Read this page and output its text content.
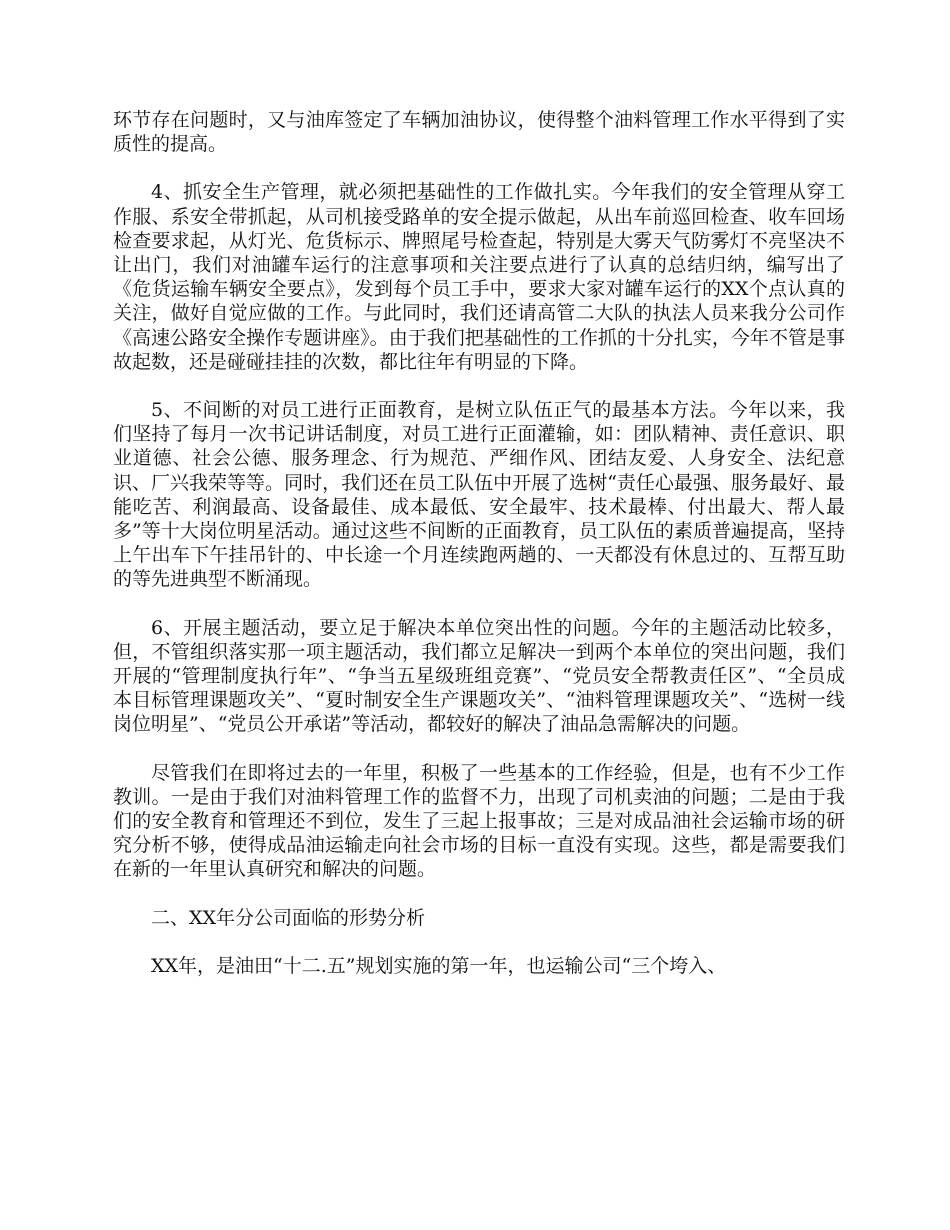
环节存在问题时，又与油库签定了车辆加油协议，使得整个油料管理工作水平得到了实质性的提高。

4、抓安全生产管理，就必须把基础性的工作做扎实。今年我们的安全管理从穿工作服、系安全带抓起，从司机接受路单的安全提示做起，从出车前巡回检查、收车回场检查要求起，从灯光、危货标示、牌照尾号检查起，特别是大雾天气防雾灯不亮坚决不让出门，我们对油罐车运行的注意事项和关注要点进行了认真的总结归纳，编写出了《危货运输车辆安全要点》，发到每个员工手中，要求大家对罐车运行的XX个点认真的关注，做好自觉应做的工作。与此同时，我们还请高管二大队的执法人员来我分公司作《高速公路安全操作专题讲座》。由于我们把基础性的工作抓的十分扎实，今年不管是事故起数，还是碰碰挂挂的次数，都比往年有明显的下降。

5、不间断的对员工进行正面教育，是树立队伍正气的最基本方法。今年以来，我们坚持了每月一次书记讲话制度，对员工进行正面灌输，如：团队精神、责任意识、职业道德、社会公德、服务理念、行为规范、严细作风、团结友爱、人身安全、法纪意识、厂兴我荣等等。同时，我们还在员工队伍中开展了选树“责任心最强、服务最好、最能吃苦、利润最高、设备最佳、成本最低、安全最牢、技术最棒、付出最大、帮人最多”等十大岗位明星活动。通过这些不间断的正面教育，员工队伍的素质普遍提高，坚持上午出车下午挂吊针的、中长途一个月连续跑两趟的、一天都没有休息过的、互帮互助的等先进典型不断涌现。

6、开展主题活动，要立足于解决本单位突出性的问题。今年的主题活动比较多，但，不管组织落实那一项主题活动，我们都立足解决一到两个本单位的突出问题，我们开展的“管理制度执行年”、“争当五星级班组竞赛”、“党员安全帮教责任区”、“全员成本目标管理课题攻关”、“夏时制安全生产课题攻关”、“油料管理课题攻关”、“选树一线岗位明星”、“党员公开承诺”等活动，都较好的解决了油品急需解决的问题。

尽管我们在即将过去的一年里，积极了一些基本的工作经验，但是，也有不少工作教训。一是由于我们对油料管理工作的监督不力，出现了司机卖油的问题；二是由于我们的安全教育和管理还不到位，发生了三起上报事故；三是对成品油社会运输市场的研究分析不够，使得成品油运输走向社会市场的目标一直没有实现。这些，都是需要我们在新的一年里认真研究和解决的问题。

二、XX年分公司面临的形势分析

XX年，是油田“十二.五”规划实施的第一年，也运输公司“三个垮入、
